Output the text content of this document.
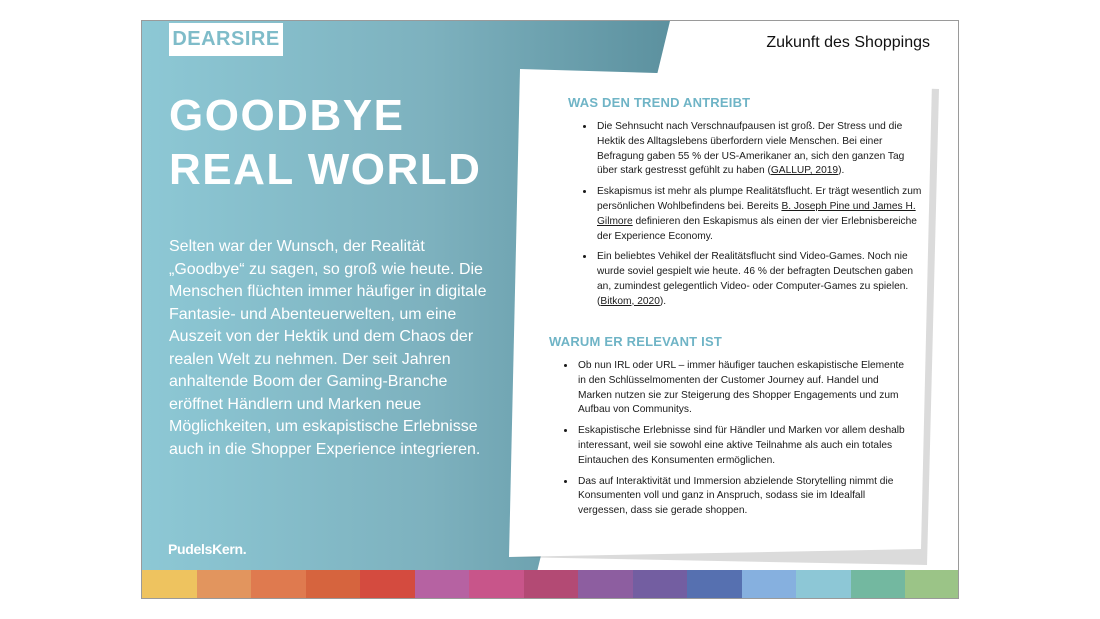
DEARSIRE	Zukunft des Shoppings
GOODBYE
REAL WORLD

Selten war der Wunsch, der Realität „Goodbye“ zu sagen, so groß wie heute. Die Menschen flüchten immer häufiger in digitale Fantasie- und Abenteuerwelten, um eine Auszeit von der Hektik und dem Chaos der realen Welt zu nehmen. Der seit Jahren anhaltende Boom der Gaming-Branche eröffnet Händlern und Marken neue Möglichkeiten, um eskapistische Erlebnisse auch in die Shopper Experience integrieren.

PudelsKern.
WAS DEN TREND ANTREIBT
• Die Sehnsucht nach Verschnaufpausen ist groß. Der Stress und die Hektik des Alltagslebens überfordern viele Menschen. Bei einer Befragung gaben 55 % der US-Amerikaner an, sich den ganzen Tag über stark gestresst gefühlt zu haben (GALLUP, 2019).
• Eskapismus ist mehr als plumpe Realitätsflucht. Er trägt wesentlich zum persönlichen Wohlbefindens bei. Bereits B. Joseph Pine und James H. Gilmore definieren den Eskapismus als einen der vier Erlebnisbereiche der Experience Economy.
• Ein beliebtes Vehikel der Realitätsflucht sind Video-Games. Noch nie wurde soviel gespielt wie heute. 46 % der befragten Deutschen gaben an, zumindest gelegentlich Video- oder Computer-Games zu spielen. (Bitkom, 2020).
WARUM ER RELEVANT IST
• Ob nun IRL oder URL – immer häufiger tauchen eskapistische Elemente in den Schlüsselmomenten der Customer Journey auf. Handel und Marken nutzen sie zur Steigerung des Shopper Engagements und zum Aufbau von Communitys.
• Eskapistische Erlebnisse sind für Händler und Marken vor allem deshalb interessant, weil sie sowohl eine aktive Teilnahme als auch ein totales Eintauchen des Konsumenten ermöglichen.
• Das auf Interaktivität und Immersion abzielende Storytelling nimmt die Konsumenten voll und ganz in Anspruch, sodass sie im Idealfall vergessen, dass sie gerade shoppen.
